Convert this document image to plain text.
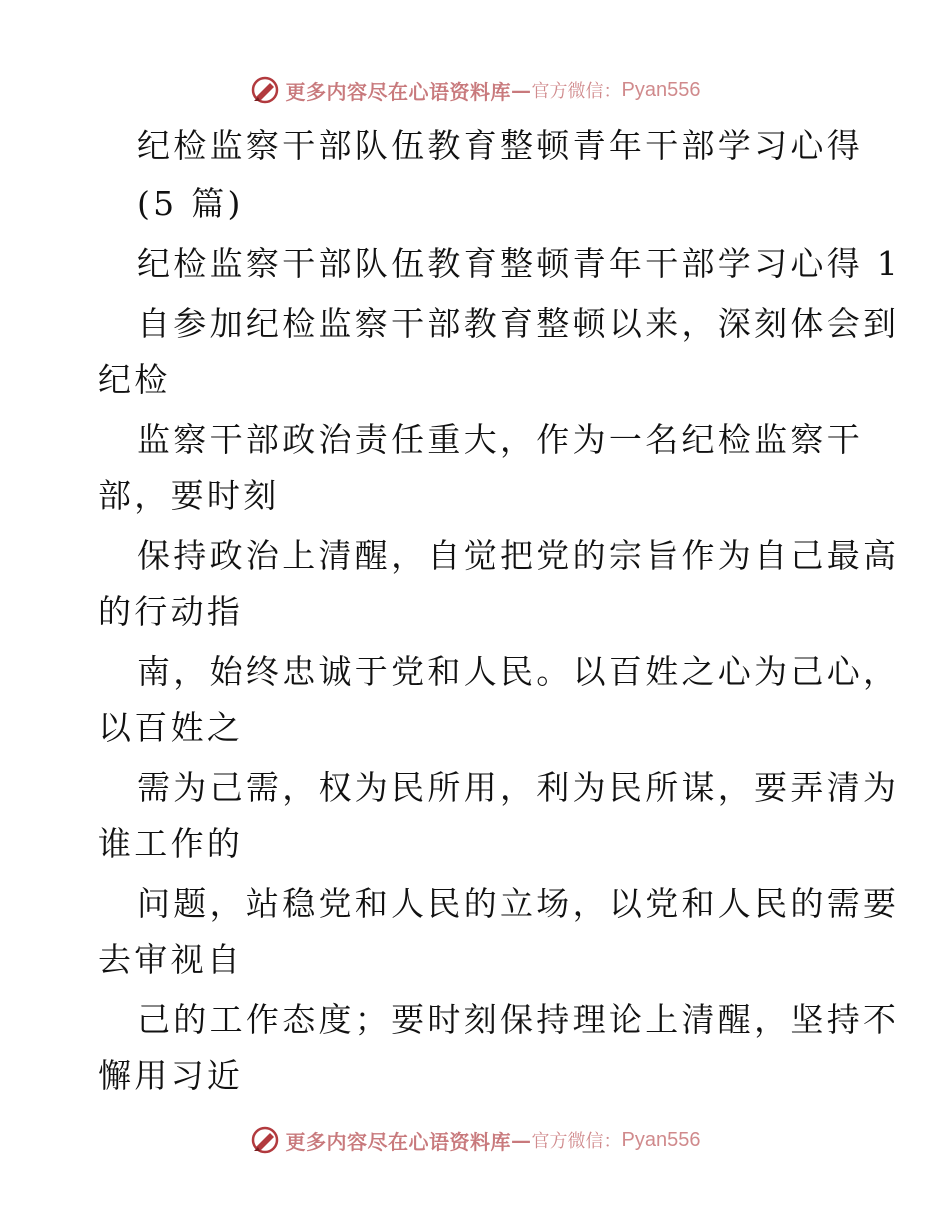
更多内容尽在心语资料库 — 官方微信： Pyan556
纪检监察干部队伍教育整顿青年干部学习心得
(5 篇)
纪检监察干部队伍教育整顿青年干部学习心得 1
自参加纪检监察干部教育整顿以来，深刻体会到
纪检
监察干部政治责任重大，作为一名纪检监察干
部，要时刻
保持政治上清醒，自觉把党的宗旨作为自己最高
的行动指
南，始终忠诚于党和人民。以百姓之心为己心，
以百姓之
需为己需，权为民所用，利为民所谋，要弄清为
谁工作的
问题，站稳党和人民的立场，以党和人民的需要
去审视自
己的工作态度；要时刻保持理论上清醒，坚持不
懈用习近
更多内容尽在心语资料库 — 官方微信： Pyan556
